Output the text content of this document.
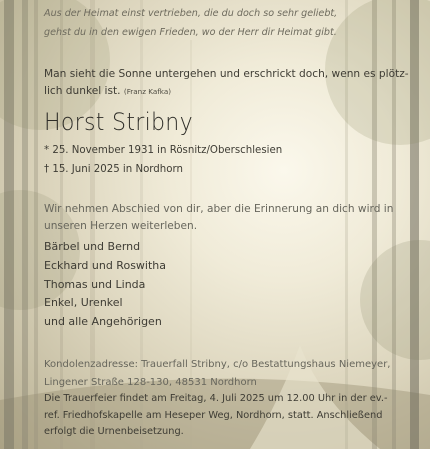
Aus der Heimat einst vertrieben, die du doch so sehr geliebt,
gehst du in den ewigen Frieden, wo der Herr dir Heimat gibt.

Man sieht die Sonne untergehen und erschrickt doch, wenn es plötz-
lich dunkel ist. (Franz Kafka)

Horst Stribny

* 25. November 1931 in Rösnitz/Oberschlesien
† 15. Juni 2025 in Nordhorn

Wir nehmen Abschied von dir, aber die Erinnerung an dich wird in
unseren Herzen weiterleben.

Bärbel und Bernd
Eckhard und Roswitha
Thomas und Linda
Enkel, Urenkel
und alle Angehörigen

Kondolenzadresse: Trauerfall Stribny, c/o Bestattungshaus Niemeyer,
Lingener Straße 128-130, 48531 Nordhorn

Die Trauerfeier findet am Freitag, 4. Juli 2025 um 12.00 Uhr in der ev.-
ref. Friedhofskapelle am Heseper Weg, Nordhorn, statt. Anschließend
erfolgt die Urnenbeisetzung.
